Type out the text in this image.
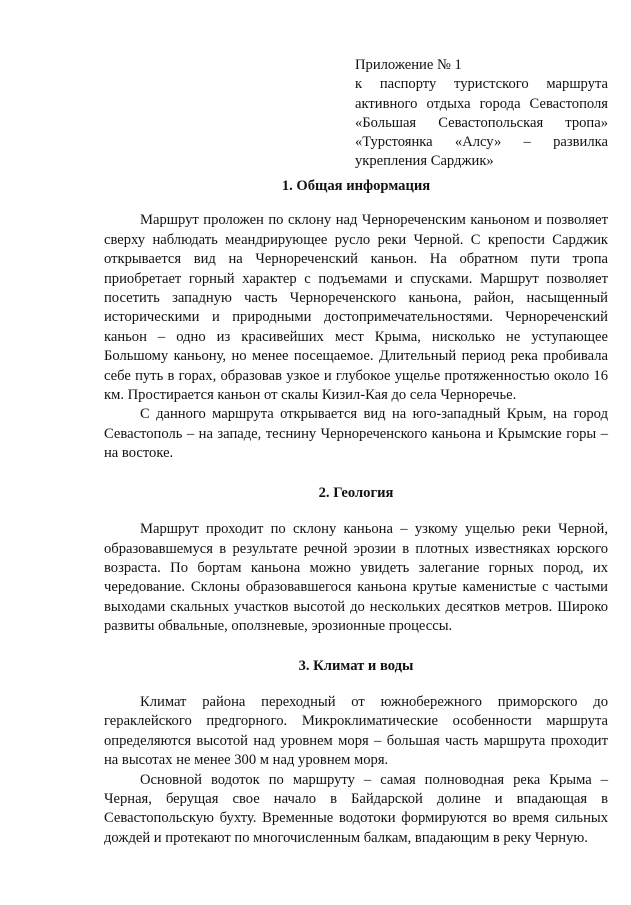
Приложение № 1
к паспорту туристского маршрута активного отдыха города Севастополя «Большая Севастопольская тропа» «Турстоянка «Алсу» – развилка укрепления Сарджик»
1. Общая информация

Маршрут проложен по склону над Чернореченским каньоном и позволяет сверху наблюдать меандрирующее русло реки Черной. С крепости Сарджик открывается вид на Чернореченский каньон. На обратном пути тропа приобретает горный характер с подъемами и спусками. Маршрут позволяет посетить западную часть Чернореченского каньона, район, насыщенный историческими и природными достопримечательностями. Чернореченский каньон – одно из красивейших мест Крыма, нисколько не уступающее Большому каньону, но менее посещаемое. Длительный период река пробивала себе путь в горах, образовав узкое и глубокое ущелье протяженностью около 16 км. Простирается каньон от скалы Кизил-Кая до села Черноречье.

С данного маршрута открывается вид на юго-западный Крым, на город Севастополь – на западе, теснину Чернореченского каньона и Крымские горы – на востоке.

2. Геология

Маршрут проходит по склону каньона – узкому ущелью реки Черной, образовавшемуся в результате речной эрозии в плотных известняках юрского возраста. По бортам каньона можно увидеть залегание горных пород, их чередование. Склоны образовавшегося каньона крутые каменистые с частыми выходами скальных участков высотой до нескольких десятков метров. Широко развиты обвальные, оползневые, эрозионные процессы.

3. Климат и воды

Климат района переходный от южнобережного приморского до гераклейского предгорного. Микроклиматические особенности маршрута определяются высотой над уровнем моря – большая часть маршрута проходит на высотах не менее 300 м над уровнем моря.

Основной водоток по маршруту – самая полноводная река Крыма – Черная, берущая свое начало в Байдарской долине и впадающая в Севастопольскую бухту. Временные водотоки формируются во время сильных дождей и протекают по многочисленным балкам, впадающим в реку Черную.
